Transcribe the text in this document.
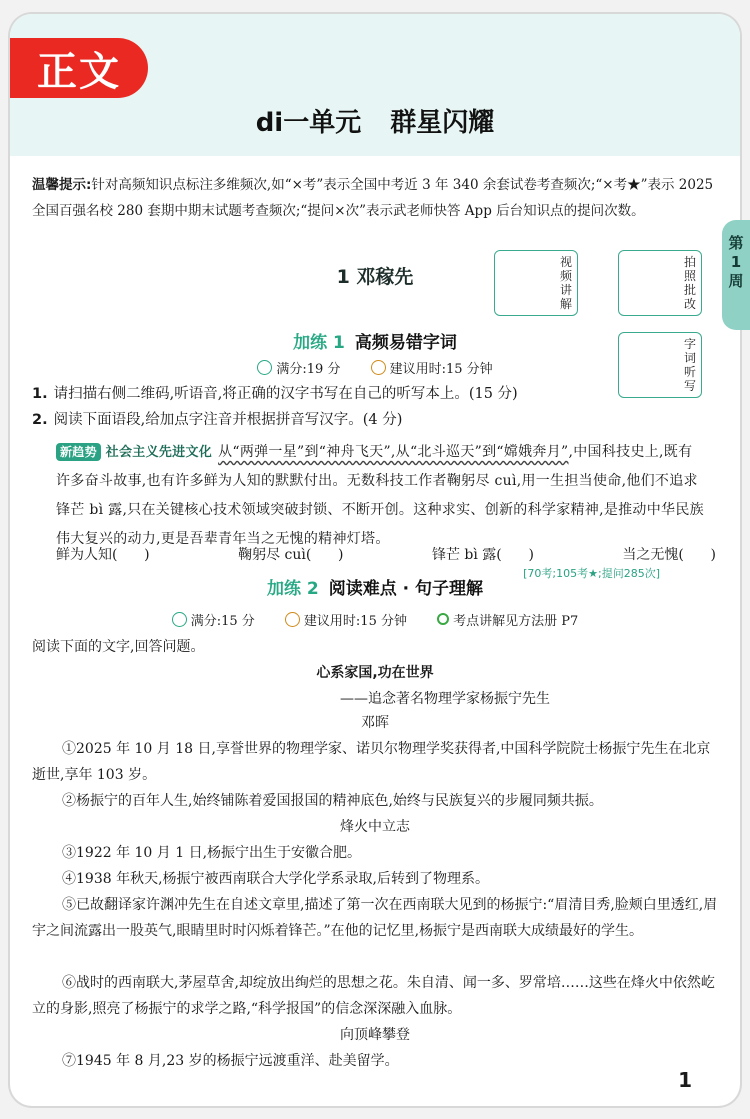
正文
di一单元 群星闪耀
温馨提示:针对高频知识点标注多维频次,如“×考”表示全国中考近 3 年 340 余套试卷考查频次;“×考★”表示 2025 全国百强名校 280 套期中期末试题考查频次;“提问×次”表示武老师快答 App 后台知识点的提问次数。
1 邓稼先
视频讲解
拍照批改
字词听写
加练 1 高频易错字词
满分:19 分	建议用时:15 分钟
1. 请扫描右侧二维码,听语音,将正确的汉字书写在自己的听写本上。(15 分)
2. 阅读下面语段,给加点字注音并根据拼音写汉字。(4 分)
新趋势 社会主义先进文化 从“两弹一星”到“神舟飞天”,从“北斗巡天”到“嫦娥奔月”,中国科技史上,既有许多奋斗故事,也有许多鲜为人知的默默付出。无数科技工作者鞠躬尽 cuì,用一生担当使命,他们不追求锋芒 bì 露,只在关键核心技术领域突破封锁、不断开创。这种求实、创新的科学家精神,是推动中华民族伟大复兴的动力,更是吾辈青年当之无愧的精神灯塔。
鲜为人知(      )	鞠躬尽 cuì(      )	锋芒 bì 露(      )	当之无愧(      )
[70考;105考★;提问285次]
加练 2 阅读难点 · 句子理解
满分:15 分	建议用时:15 分钟	考点讲解见方法册 P7
阅读下面的文字,回答问题。
心系家国,功在世界
——追念著名物理学家杨振宁先生
邓晖
①2025 年 10 月 18 日,享誉世界的物理学家、诺贝尔物理学奖获得者,中国科学院院士杨振宁先生在北京逝世,享年 103 岁。
②杨振宁的百年人生,始终铺陈着爱国报国的精神底色,始终与民族复兴的步履同频共振。
烽火中立志
③1922 年 10 月 1 日,杨振宁出生于安徽合肥。
④1938 年秋天,杨振宁被西南联合大学化学系录取,后转到了物理系。
⑤已故翻译家许渊冲先生在自述文章里,描述了第一次在西南联大见到的杨振宁:“眉清目秀,脸颊白里透红,眉宇之间流露出一股英气,眼睛里时时闪烁着锋芒。”在他的记忆里,杨振宁是西南联大成绩最好的学生。
⑥战时的西南联大,茅屋草舍,却绽放出绚烂的思想之花。朱自清、闻一多、罗常培……这些在烽火中依然屹立的身影,照亮了杨振宁的求学之路,“科学报国”的信念深深融入血脉。
向顶峰攀登
⑦1945 年 8 月,23 岁的杨振宁远渡重洋、赴美留学。
1
第
1
周
